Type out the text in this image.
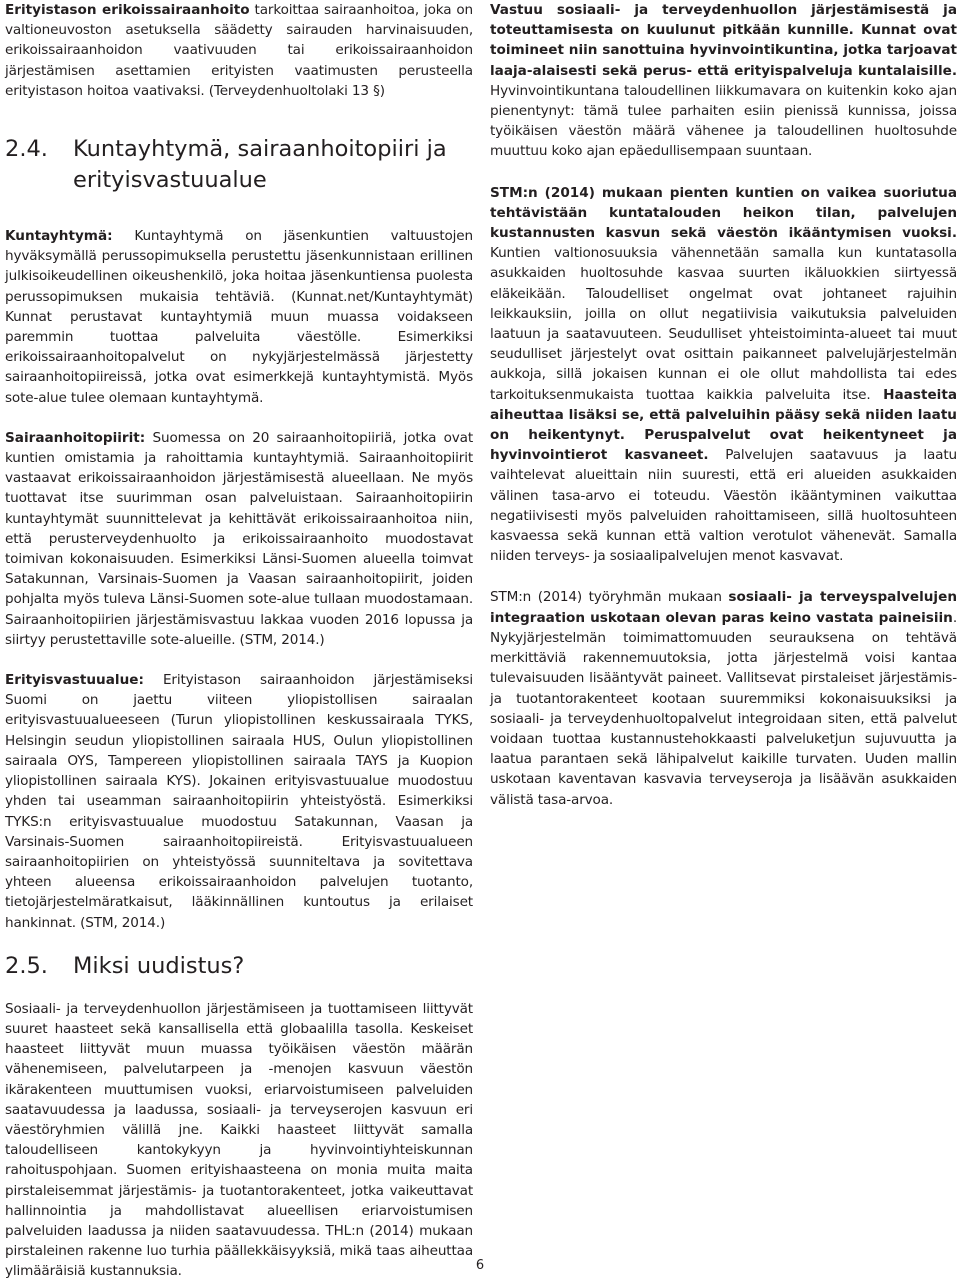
Erityistason erikoissairaanhoito tarkoittaa sairaanhoitoa, joka on valtioneuvoston asetuksella säädetty sairauden harvinaisuuden, erikoissairaanhoidon vaativuuden tai erikoissairaanhoidon järjestämisen asettamien erityisten vaatimusten perusteella erityistason hoitoa vaativaksi. (Terveydenhuoltolaki 13 §)

2.4.	Kuntayhtymä, sairaanhoitopiiri ja erityisvastuualue

Kuntayhtymä: Kuntayhtymä on jäsenkuntien valtuustojen hyväksymällä perussopimuksella perustettu jäsenkunnistaan erillinen julkisoikeudellinen oikeushenkilö, joka hoitaa jäsenkuntiensa puolesta perussopimuksen mukaisia tehtäviä. (Kunnat.net/Kuntayhtymät) Kunnat perustavat kuntayhtymiä muun muassa voidakseen paremmin tuottaa palveluita väestölle. Esimerkiksi erikoissairaanhoitopalvelut on nykyjärjestelmässä järjestetty sairaanhoitopiireissä, jotka ovat esimerkkejä kuntayhtymistä. Myös sote-alue tulee olemaan kuntayhtymä.

Sairaanhoitopiirit: Suomessa on 20 sairaanhoitopiiriä, jotka ovat kuntien omistamia ja rahoittamia kuntayhtymiä. Sairaanhoitopiirit vastaavat erikoissairaanhoidon järjestämisestä alueellaan. Ne myös tuottavat itse suurimman osan palveluistaan. Sairaanhoitopiirin kuntayhtymät suunnittelevat ja kehittävät erikoissairaanhoitoa niin, että perusterveydenhuolto ja erikoissairaanhoito muodostavat toimivan kokonaisuuden. Esimerkiksi Länsi-Suomen alueella toimvat Satakunnan, Varsinais-Suomen ja Vaasan sairaanhoitopiirit, joiden pohjalta myös tuleva Länsi-Suomen sote-alue tullaan muodostamaan. Sairaanhoitopiirien järjestämisvastuu lakkaa vuoden 2016 lopussa ja siirtyy perustettaville sote-alueille. (STM, 2014.)

Erityisvastuualue: Erityistason sairaanhoidon järjestämiseksi Suomi on jaettu viiteen yliopistollisen sairaalan erityisvastuualueeseen (Turun yliopistollinen keskussairaala TYKS, Helsingin seudun yliopistollinen sairaala HUS, Oulun yliopistollinen sairaala OYS, Tampereen yliopistollinen sairaala TAYS ja Kuopion yliopistollinen sairaala KYS). Jokainen erityisvastuualue muodostuu yhden tai useamman sairaanhoitopiirin yhteistyöstä. Esimerkiksi TYKS:n erityisvastuualue muodostuu Satakunnan, Vaasan ja Varsinais-Suomen sairaanhoitopiireistä. Erityisvastuualueen sairaanhoitopiirien on yhteistyössä suunniteltava ja sovitettava yhteen alueensa erikoissairaanhoidon palvelujen tuotanto, tietojärjestelmäratkaisut, lääkinnällinen kuntoutus ja erilaiset hankinnat. (STM, 2014.)

2.5.	Miksi uudistus?

Sosiaali- ja terveydenhuollon järjestämiseen ja tuottamiseen liittyvät suuret haasteet sekä kansallisella että globaalilla tasolla. Keskeiset haasteet liittyvät muun muassa työikäisen väestön määrän vähenemiseen, palvelutarpeen ja -menojen kasvuun väestön ikärakenteen muuttumisen vuoksi, eriarvoistumiseen palveluiden saatavuudessa ja laadussa, sosiaali- ja terveyserojen kasvuun eri väestöryhmien välillä jne. Kaikki haasteet liittyvät samalla taloudelliseen kantokykyyn ja hyvinvointiyhteiskunnan rahoituspohjaan. Suomen erityishaasteena on monia muita maita pirstaleisemmat järjestämis- ja tuotantorakenteet, jotka vaikeuttavat hallinnointia ja mahdollistavat alueellisen eriarvoistumisen palveluiden laadussa ja niiden saatavuudessa. THL:n (2014) mukaan pirstaleinen rakenne luo turhia päällekkäisyyksiä, mikä taas aiheuttaa ylimääräisiä kustannuksia.

Vastuu sosiaali- ja terveydenhuollon järjestämisestä ja toteuttamisesta on kuulunut pitkään kunnille. Kunnat ovat toimineet niin sanottuina hyvinvointikuntina, jotka tarjoavat laaja-alaisesti sekä perus- että erityispalveluja kuntalaisille. Hyvinvointikuntana taloudellinen liikkumavara on kuitenkin koko ajan pienentynyt: tämä tulee parhaiten esiin pienissä kunnissa, joissa työikäisen väestön määrä vähenee ja taloudellinen huoltosuhde muuttuu koko ajan epäedullisempaan suuntaan.

STM:n (2014) mukaan pienten kuntien on vaikea suoriutua tehtävistään kuntatalouden heikon tilan, palvelujen kustannusten kasvun sekä väestön ikääntymisen vuoksi. Kuntien valtionosuuksia vähennetään samalla kun kuntatasolla asukkaiden huoltosuhde kasvaa suurten ikäluokkien siirtyessä eläkeikään. Taloudelliset ongelmat ovat johtaneet rajuihin leikkauksiin, joilla on ollut negatiivisia vaikutuksia palveluiden laatuun ja saatavuuteen. Seudulliset yhteistoiminta-alueet tai muut seudulliset järjestelyt ovat osittain paikanneet palvelujärjestelmän aukkoja, sillä jokaisen kunnan ei ole ollut mahdollista tai edes tarkoituksenmukaista tuottaa kaikkia palveluita itse. Haasteita aiheuttaa lisäksi se, että palveluihin pääsy sekä niiden laatu on heikentynyt. Peruspalvelut ovat heikentyneet ja hyvinvointierot kasvaneet. Palvelujen saatavuus ja laatu vaihtelevat alueittain niin suuresti, että eri alueiden asukkaiden välinen tasa-arvo ei toteudu. Väestön ikääntyminen vaikuttaa negatiivisesti myös palveluiden rahoittamiseen, sillä huoltosuhteen kasvaessa sekä kunnan että valtion verotulot vähenevät. Samalla niiden terveys- ja sosiaalipalvelujen menot kasvavat.

STM:n (2014) työryhmän mukaan sosiaali- ja terveyspalvelujen integraation uskotaan olevan paras keino vastata paineisiin. Nykyjärjestelmän toimimattomuuden seurauksena on tehtävä merkittäviä rakennemuutoksia, jotta järjestelmä voisi kantaa tulevaisuuden lisääntyvät paineet. Vallitsevat pirstaleiset järjestämis- ja tuotantorakenteet kootaan suuremmiksi kokonaisuuksiksi ja sosiaali- ja terveydenhuoltopalvelut integroidaan siten, että palvelut voidaan tuottaa kustannustehokkaasti palveluketjun sujuvuutta ja laatua parantaen sekä lähipalvelut kaikille turvaten. Uuden mallin uskotaan kaventavan kasvavia terveyseroja ja lisäävän asukkaiden välistä tasa-arvoa.

6
